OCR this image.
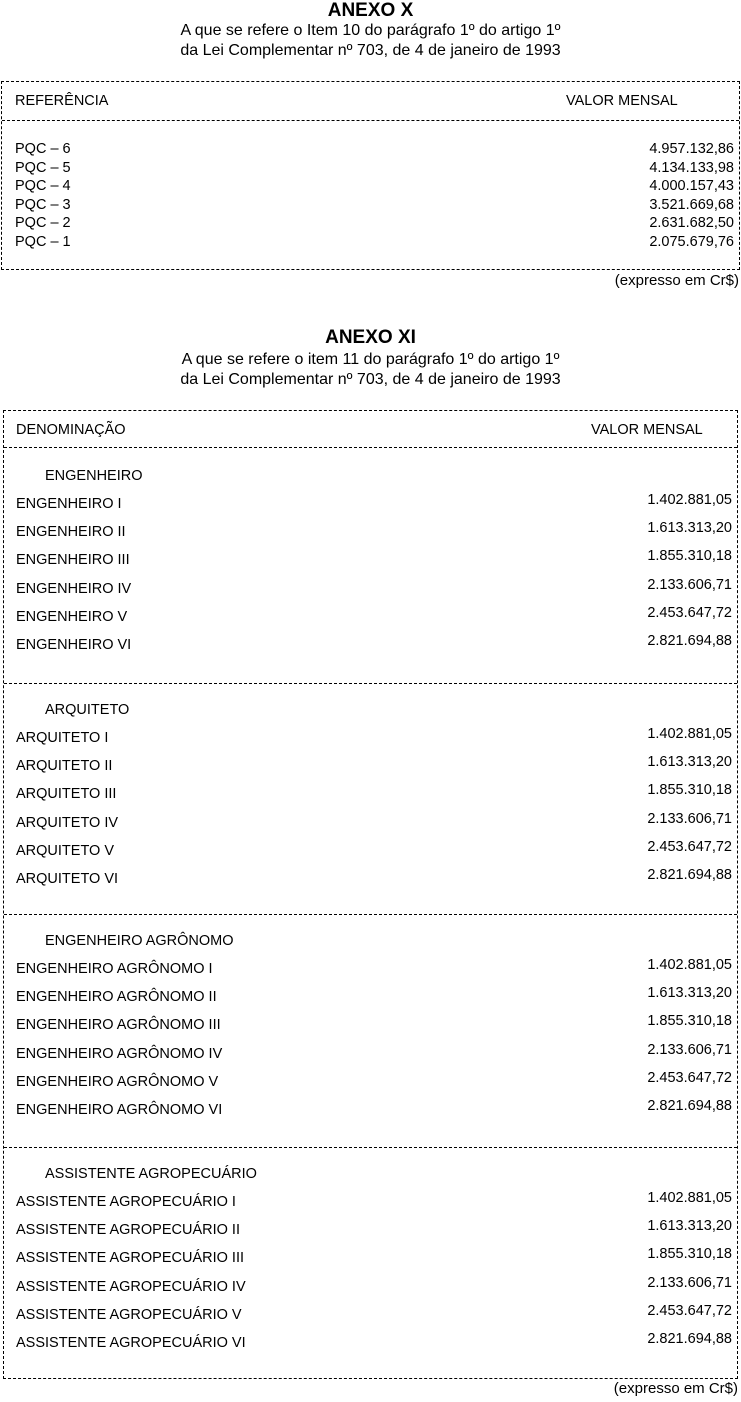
ANEXO X
A que se refere o Item 10 do parágrafo 1º do artigo 1º
da Lei Complementar nº 703, de 4 de janeiro de 1993
REFERÊNCIA	VALOR MENSAL
PQC – 6	4.957.132,86
PQC – 5	4.134.133,98
PQC – 4	4.000.157,43
PQC – 3	3.521.669,68
PQC – 2	2.631.682,50
PQC – 1	2.075.679,76
(expresso em Cr$)
ANEXO XI
A que se refere o item 11 do parágrafo 1º do artigo 1º
da Lei Complementar nº 703, de 4 de janeiro de 1993
DENOMINAÇÃO	VALOR MENSAL
ENGENHEIRO
ENGENHEIRO I	1.402.881,05
ENGENHEIRO II	1.613.313,20
ENGENHEIRO III	1.855.310,18
ENGENHEIRO IV	2.133.606,71
ENGENHEIRO V	2.453.647,72
ENGENHEIRO VI	2.821.694,88
ARQUITETO
ARQUITETO I	1.402.881,05
ARQUITETO II	1.613.313,20
ARQUITETO III	1.855.310,18
ARQUITETO IV	2.133.606,71
ARQUITETO V	2.453.647,72
ARQUITETO VI	2.821.694,88
ENGENHEIRO AGRÔNOMO
ENGENHEIRO AGRÔNOMO I	1.402.881,05
ENGENHEIRO AGRÔNOMO II	1.613.313,20
ENGENHEIRO AGRÔNOMO III	1.855.310,18
ENGENHEIRO AGRÔNOMO IV	2.133.606,71
ENGENHEIRO AGRÔNOMO V	2.453.647,72
ENGENHEIRO AGRÔNOMO VI	2.821.694,88
ASSISTENTE AGROPECUÁRIO
ASSISTENTE AGROPECUÁRIO I	1.402.881,05
ASSISTENTE AGROPECUÁRIO II	1.613.313,20
ASSISTENTE AGROPECUÁRIO III	1.855.310,18
ASSISTENTE AGROPECUÁRIO IV	2.133.606,71
ASSISTENTE AGROPECUÁRIO V	2.453.647,72
ASSISTENTE AGROPECUÁRIO VI	2.821.694,88
(expresso em Cr$)
